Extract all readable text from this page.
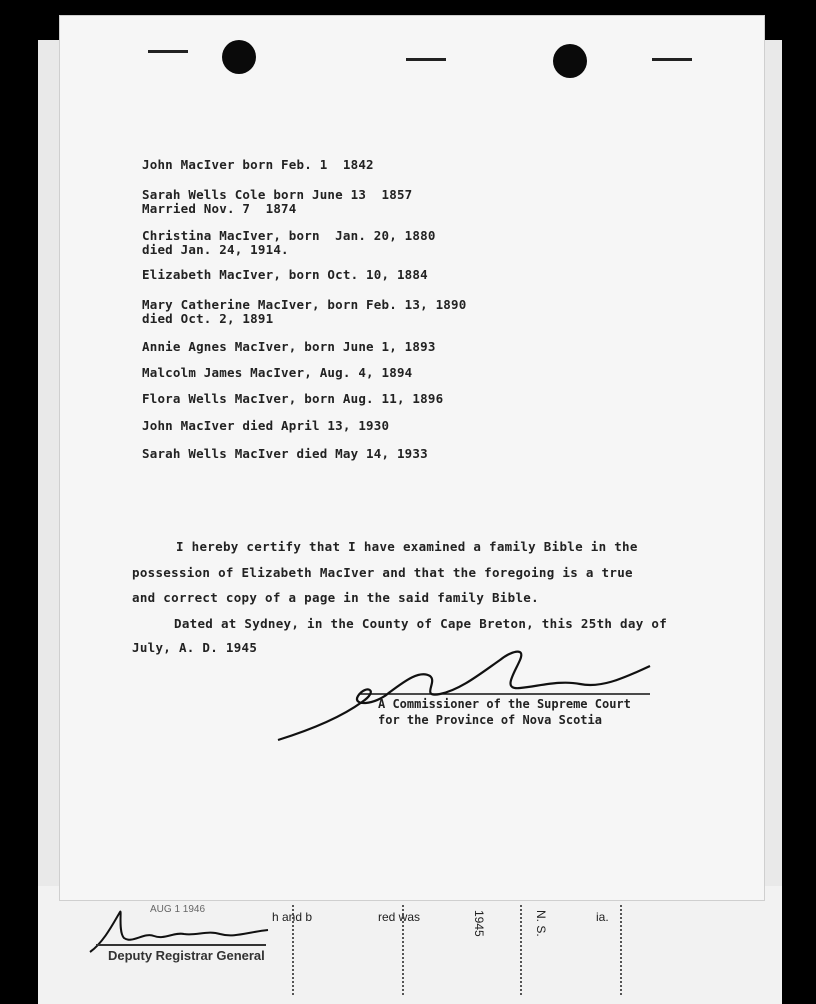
h and b	red was	1945	N. S.	ia.
John MacIver born Feb. 1  1842
Sarah Wells Cole born June 13  1857
Married Nov. 7  1874
Christina MacIver, born  Jan. 20, 1880
died Jan. 24, 1914.
Elizabeth MacIver, born Oct. 10, 1884
Mary Catherine MacIver, born Feb. 13, 1890
died Oct. 2, 1891
Annie Agnes MacIver, born June 1, 1893
Malcolm James MacIver, Aug. 4, 1894
Flora Wells MacIver, born Aug. 11, 1896
John MacIver died April 13, 1930
Sarah Wells MacIver died May 14, 1933
I hereby certify that I have examined a family Bible in the
possession of Elizabeth MacIver and that the foregoing is a true
and correct copy of a page in the said family Bible.
Dated at Sydney, in the County of Cape Breton, this 25th day of
July, A. D. 1945
A Commissioner of the Supreme Court
for the Province of Nova Scotia
AUG 1 1946
Deputy Registrar General
